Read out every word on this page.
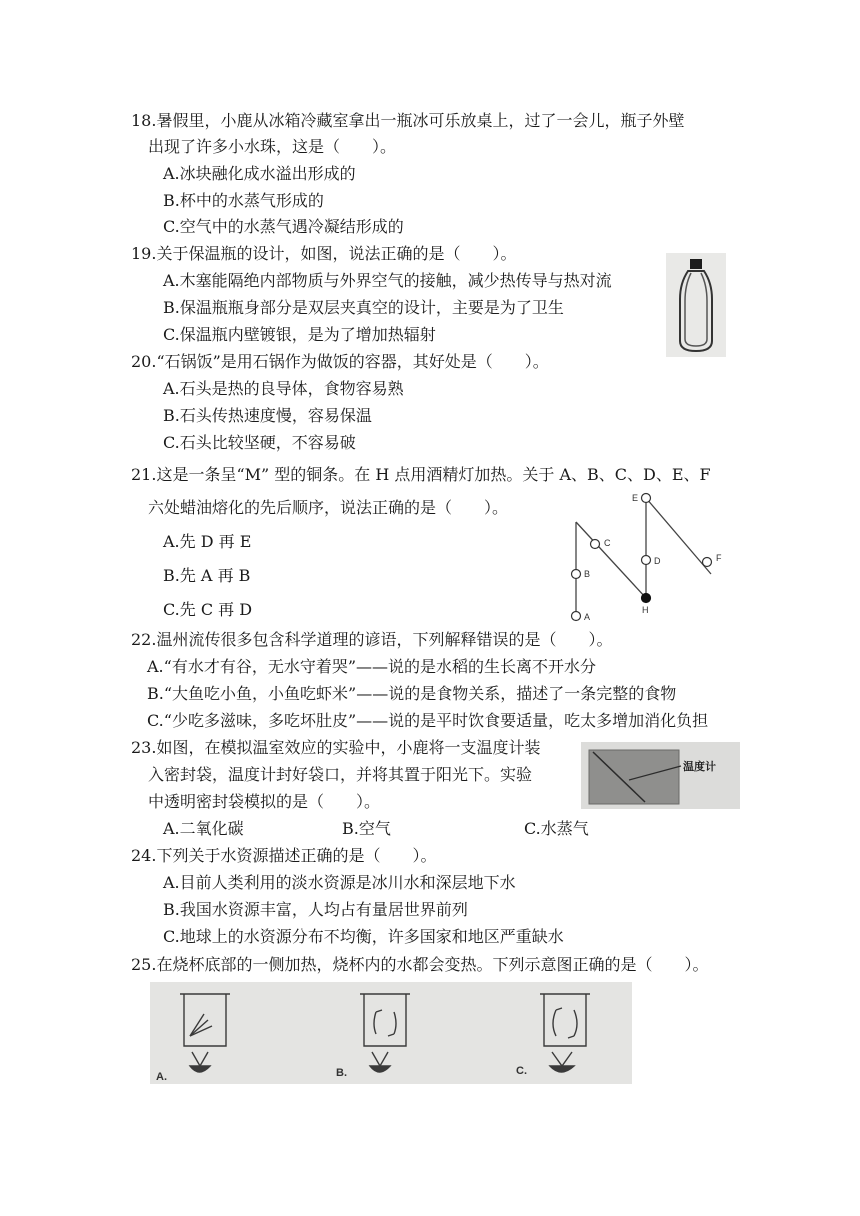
18.暑假里，小鹿从冰箱冷藏室拿出一瓶冰可乐放桌上，过了一会儿，瓶子外壁
出现了许多小水珠，这是（　　）。
A.冰块融化成水溢出形成的
B.杯中的水蒸气形成的
C.空气中的水蒸气遇冷凝结形成的
19.关于保温瓶的设计，如图，说法正确的是（　　）。
A.木塞能隔绝内部物质与外界空气的接触，减少热传导与热对流
B.保温瓶瓶身部分是双层夹真空的设计，主要是为了卫生
C.保温瓶内壁镀银，是为了增加热辐射
20.“石锅饭”是用石锅作为做饭的容器，其好处是（　　）。
A.石头是热的良导体，食物容易熟
B.石头传热速度慢，容易保温
C.石头比较坚硬，不容易破
21.这是一条呈“M” 型的铜条。在 H 点用酒精灯加热。关于 A、B、C、D、E、F
六处蜡油熔化的先后顺序，说法正确的是（　　）。
A.先 D 再 E
B.先 A 再 B
C.先 C 再 D
E
C
D	F
B
H
A
22.温州流传很多包含科学道理的谚语，下列解释错误的是（　　）。
A.“有水才有谷，无水守着哭”——说的是水稻的生长离不开水分
B.“大鱼吃小鱼，小鱼吃虾米”——说的是食物关系，描述了一条完整的食物
C.“少吃多滋味，多吃坏肚皮”——说的是平时饮食要适量，吃太多增加消化负担
23.如图，在模拟温室效应的实验中，小鹿将一支温度计装
入密封袋，温度计封好袋口，并将其置于阳光下。实验
中透明密封袋模拟的是（　　）。
A.二氧化碳	B.空气	C.水蒸气
温度计
24.下列关于水资源描述正确的是（　　）。
A.目前人类利用的淡水资源是冰川水和深层地下水
B.我国水资源丰富，人均占有量居世界前列
C.地球上的水资源分布不均衡，许多国家和地区严重缺水
25.在烧杯底部的一侧加热，烧杯内的水都会变热。下列示意图正确的是（　　）。
A.	B.	C.
